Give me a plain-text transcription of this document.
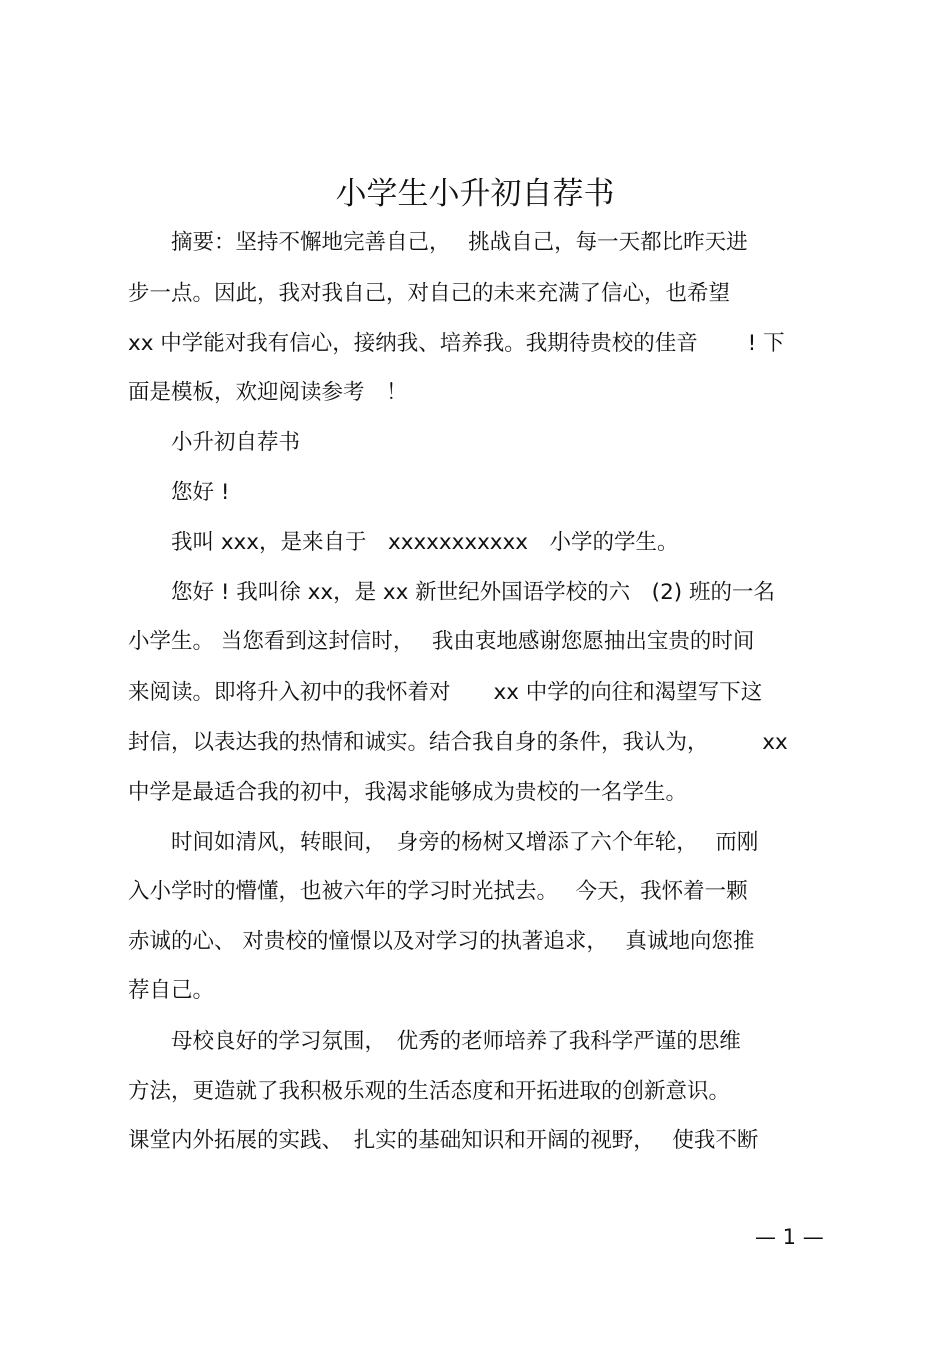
小学生小升初自荐书
　　摘要：坚持不懈地完善自己，　 挑战自己，每一天都比昨天进
步一点。因此，我对我自己，对自己的未来充满了信心，也希望
xx 中学能对我有信心，接纳我、培养我。我期待贵校的佳音　　 ! 下
面是模板，欢迎阅读参考　！
　　小升初自荐书
　　您好 !
　　我叫 xxx，是来自于　xxxxxxxxxxx　小学的学生。
　　您好 ! 我叫徐 xx，是 xx 新世纪外国语学校的六　(2) 班的一名
小学生。 当您看到这封信时，　 我由衷地感谢您愿抽出宝贵的时间
来阅读。即将升入初中的我怀着对　　xx 中学的向往和渴望写下这
封信，以表达我的热情和诚实。结合我自身的条件，我认为，　　　xx
中学是最适合我的初中，我渴求能够成为贵校的一名学生。
　　时间如清风，转眼间，　身旁的杨树又增添了六个年轮，　 而刚
入小学时的懵懂，也被六年的学习时光拭去。　 今天，我怀着一颗
赤诚的心、 对贵校的憧憬以及对学习的执著追求，　 真诚地向您推
荐自己。
　　母校良好的学习氛围，　优秀的老师培养了我科学严谨的思维
方法，更造就了我积极乐观的生活态度和开拓进取的创新意识。
课堂内外拓展的实践、　扎实的基础知识和开阔的视野，　 使我不断
— 1 —
